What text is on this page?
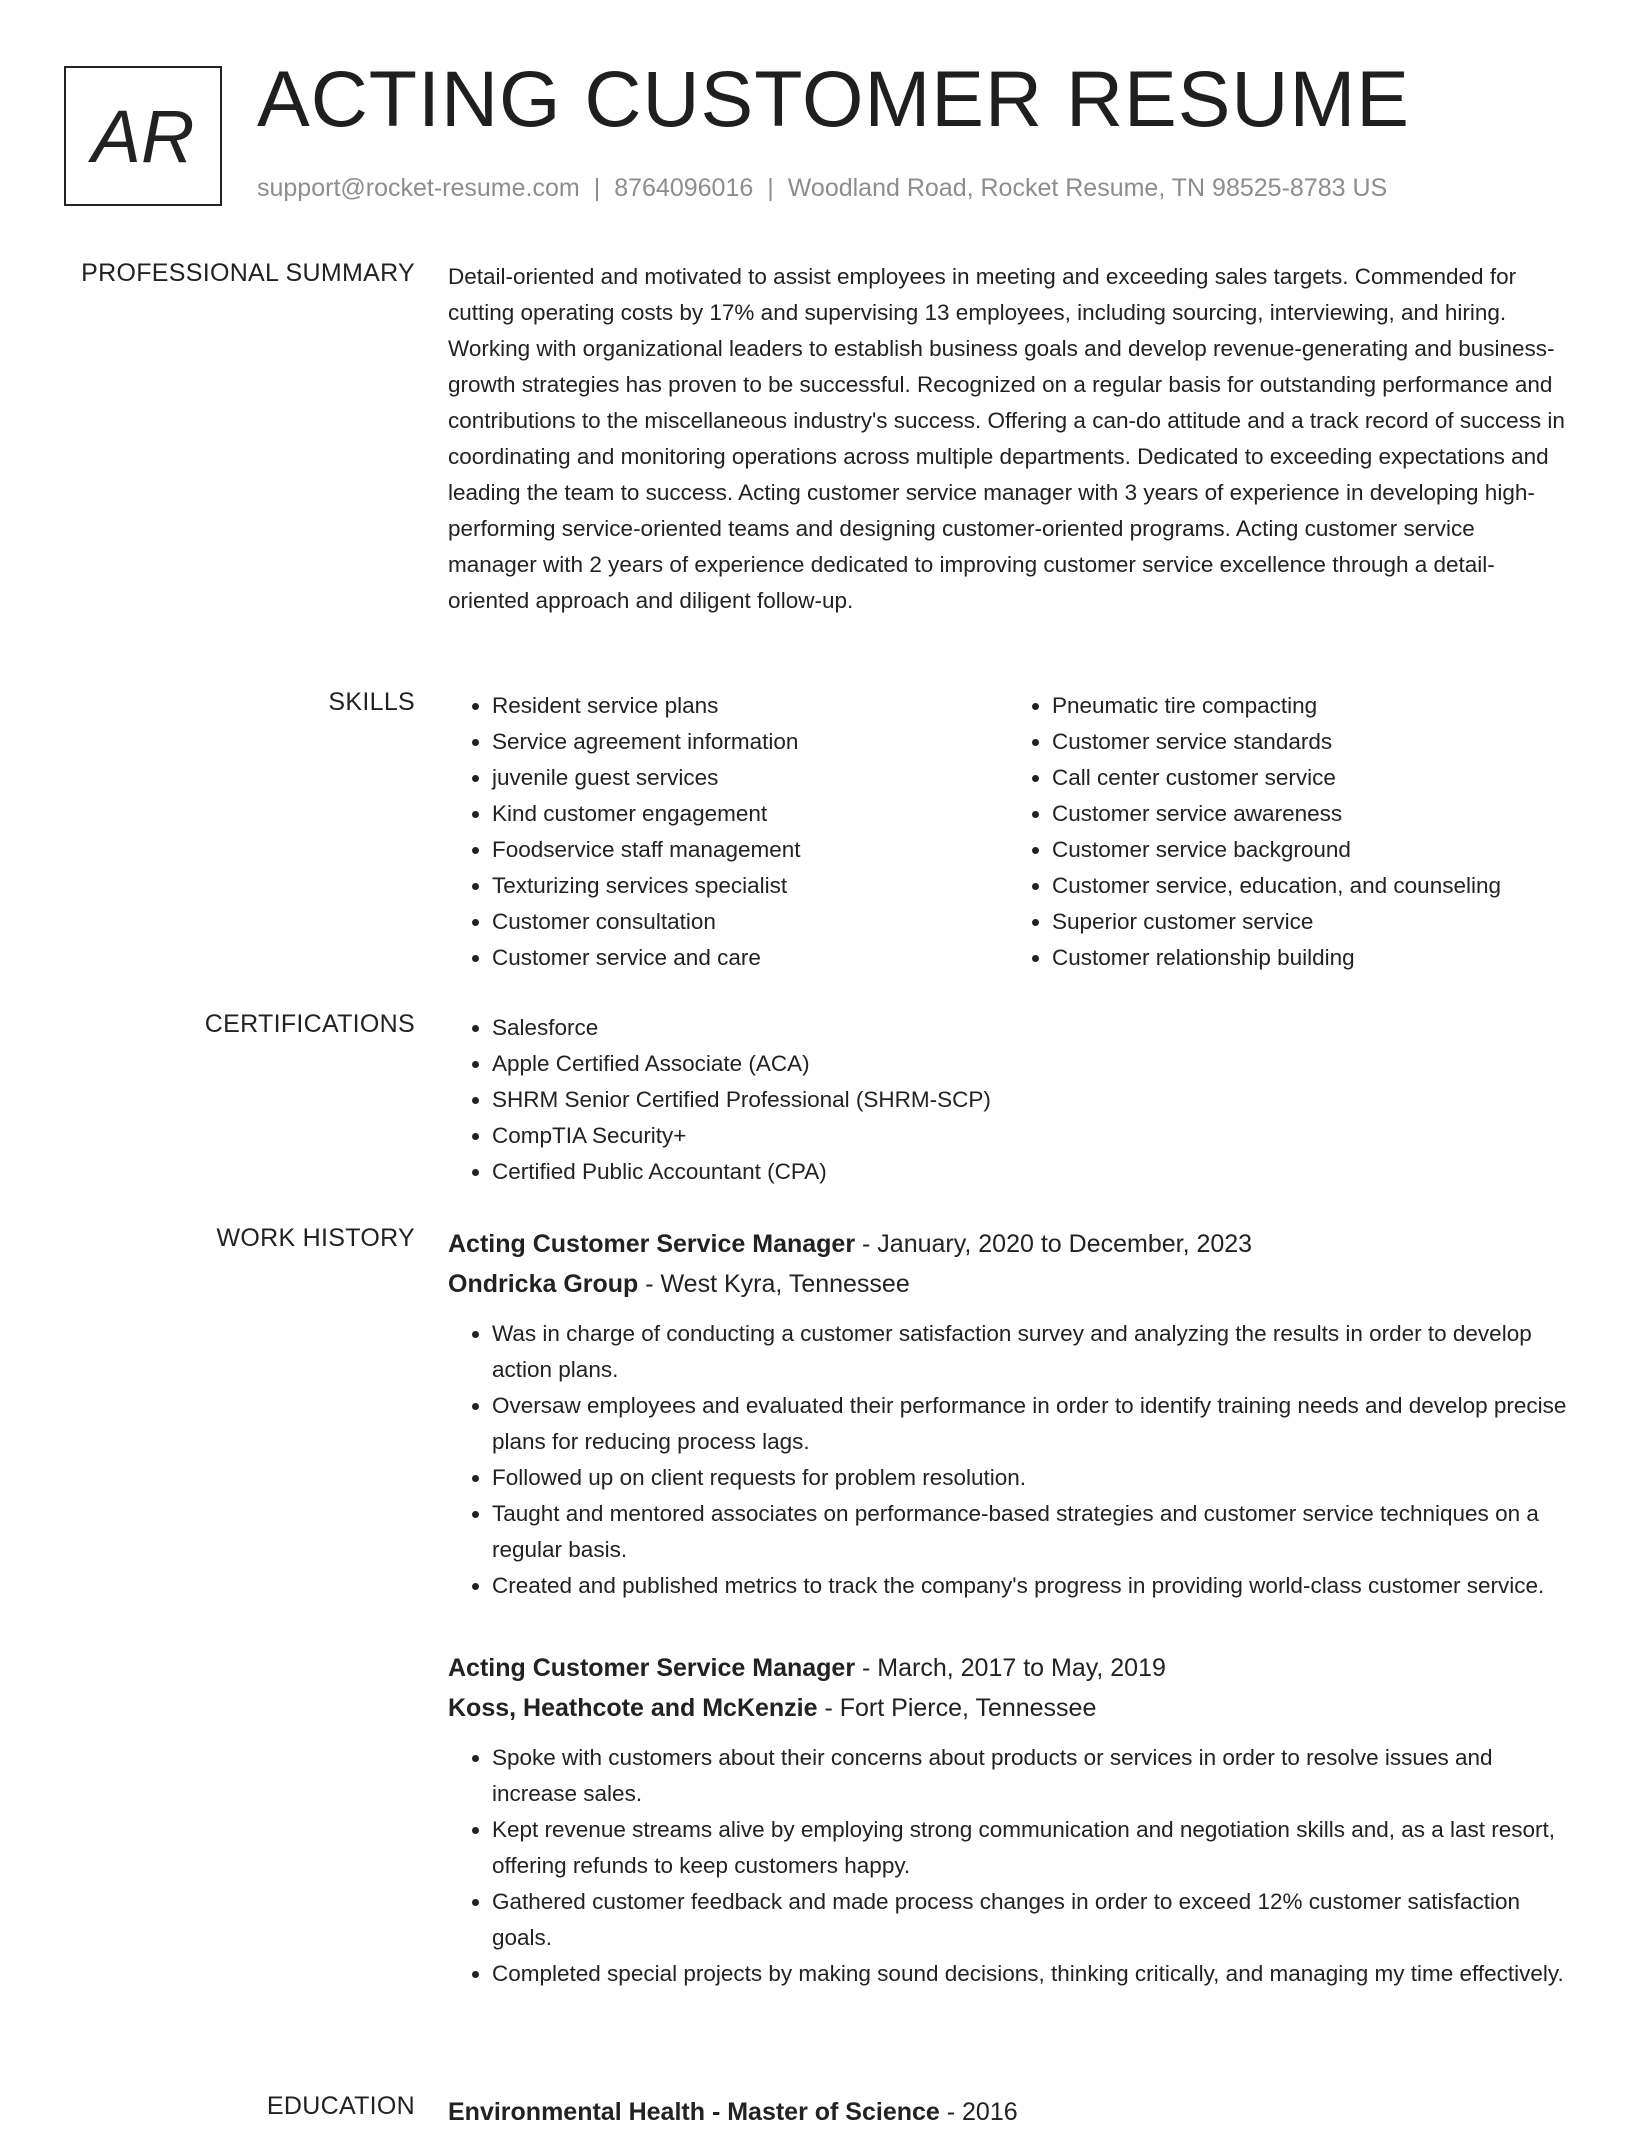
AR ACTING CUSTOMER RESUME
support@rocket-resume.com | 8764096016 | Woodland Road, Rocket Resume, TN 98525-8783 US
PROFESSIONAL SUMMARY Detail-oriented and motivated to assist employees in meeting and exceeding sales targets. Commended for cutting operating costs by 17% and supervising 13 employees, including sourcing, interviewing, and hiring. Working with organizational leaders to establish business goals and develop revenue-generating and business-growth strategies has proven to be successful. Recognized on a regular basis for outstanding performance and contributions to the miscellaneous industry's success. Offering a can-do attitude and a track record of success in coordinating and monitoring operations across multiple departments. Dedicated to exceeding expectations and leading the team to success. Acting customer service manager with 3 years of experience in developing high-performing service-oriented teams and designing customer-oriented programs. Acting customer service manager with 2 years of experience dedicated to improving customer service excellence through a detail-oriented approach and diligent follow-up.

SKILLS	• Resident service plans
• Service agreement information
• juvenile guest services
• Kind customer engagement
• Foodservice staff management
• Texturizing services specialist
• Customer consultation
• Customer service and care
• Pneumatic tire compacting
• Customer service standards
• Call center customer service
• Customer service awareness
• Customer service background
• Customer service, education, and counseling
• Superior customer service
• Customer relationship building
CERTIFICATIONS	• Salesforce
• Apple Certified Associate (ACA)
• SHRM Senior Certified Professional (SHRM-SCP)
• CompTIA Security+
• Certified Public Accountant (CPA)
WORK HISTORY Acting Customer Service Manager - January, 2020 to December, 2023
Ondricka Group - West Kyra, Tennessee
• Was in charge of conducting a customer satisfaction survey and analyzing the results in order to develop action plans.
• Oversaw employees and evaluated their performance in order to identify training needs and develop precise plans for reducing process lags.
• Followed up on client requests for problem resolution.
• Taught and mentored associates on performance-based strategies and customer service techniques on a regular basis.
• Created and published metrics to track the company's progress in providing world-class customer service.
Acting Customer Service Manager - March, 2017 to May, 2019
Koss, Heathcote and McKenzie - Fort Pierce, Tennessee
• Spoke with customers about their concerns about products or services in order to resolve issues and increase sales.
• Kept revenue streams alive by employing strong communication and negotiation skills and, as a last resort, offering refunds to keep customers happy.
• Gathered customer feedback and made process changes in order to exceed 12% customer satisfaction goals.
• Completed special projects by making sound decisions, thinking critically, and managing my time effectively.
EDUCATION Environmental Health - Master of Science - 2016
